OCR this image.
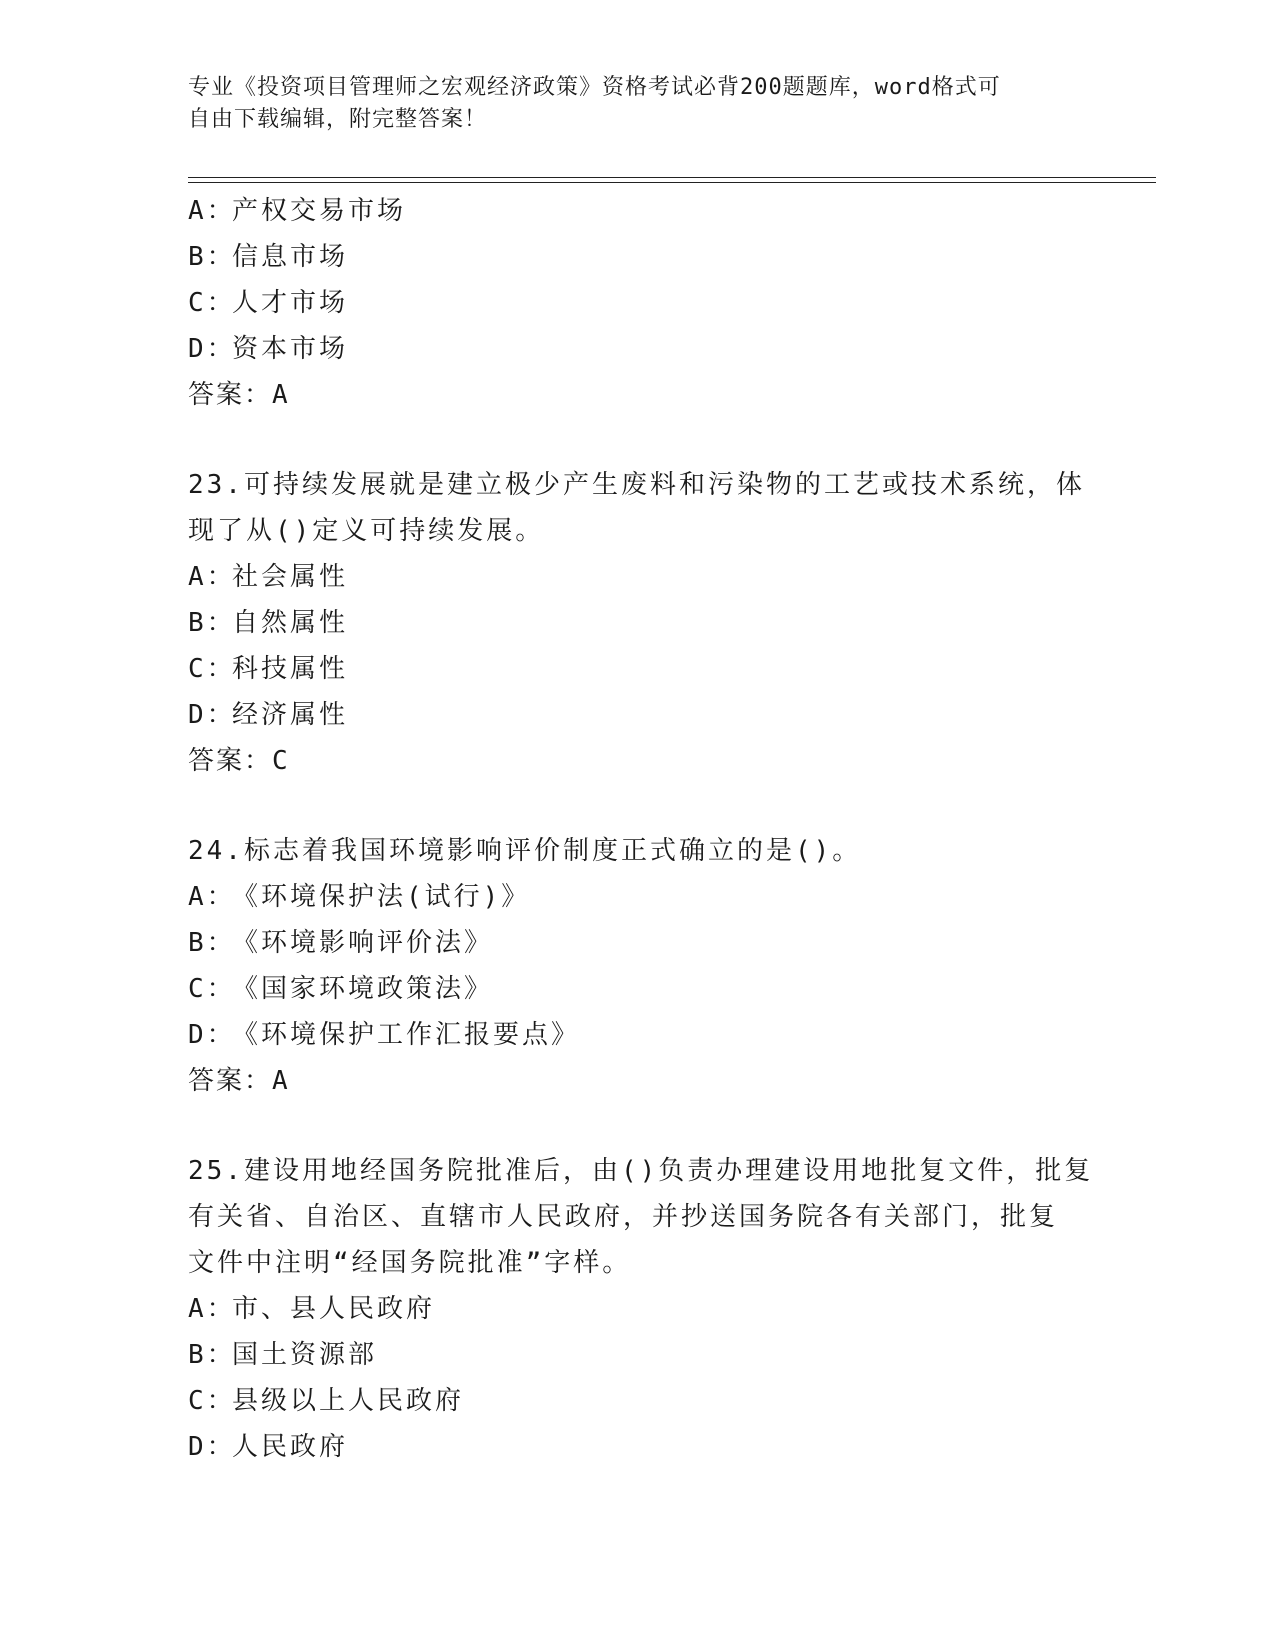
专业《投资项目管理师之宏观经济政策》资格考试必背200题题库，word格式可
自由下载编辑，附完整答案！
A：
产权交易市场
B：
信息市场
C：
人才市场
D：
资本市场
答案：A
23.可持续发展就是建立极少产生废料和污染物的工艺或技术系统，体
现了从()定义可持续发展。
A：
社会属性
B：
自然属性
C：
科技属性
D：
经济属性
答案：C
24.标志着我国环境影响评价制度正式确立的是()。
A：
《环境保护法(试行)》
B：
《环境影响评价法》
C：
《国家环境政策法》
D：
《环境保护工作汇报要点》
答案：A
25.建设用地经国务院批准后，由()负责办理建设用地批复文件，批复
有关省、自治区、直辖市人民政府，并抄送国务院各有关部门，批复
文件中注明“经国务院批准”字样。
A：
市、县人民政府
B：
国土资源部
C：
县级以上人民政府
D：
人民政府
